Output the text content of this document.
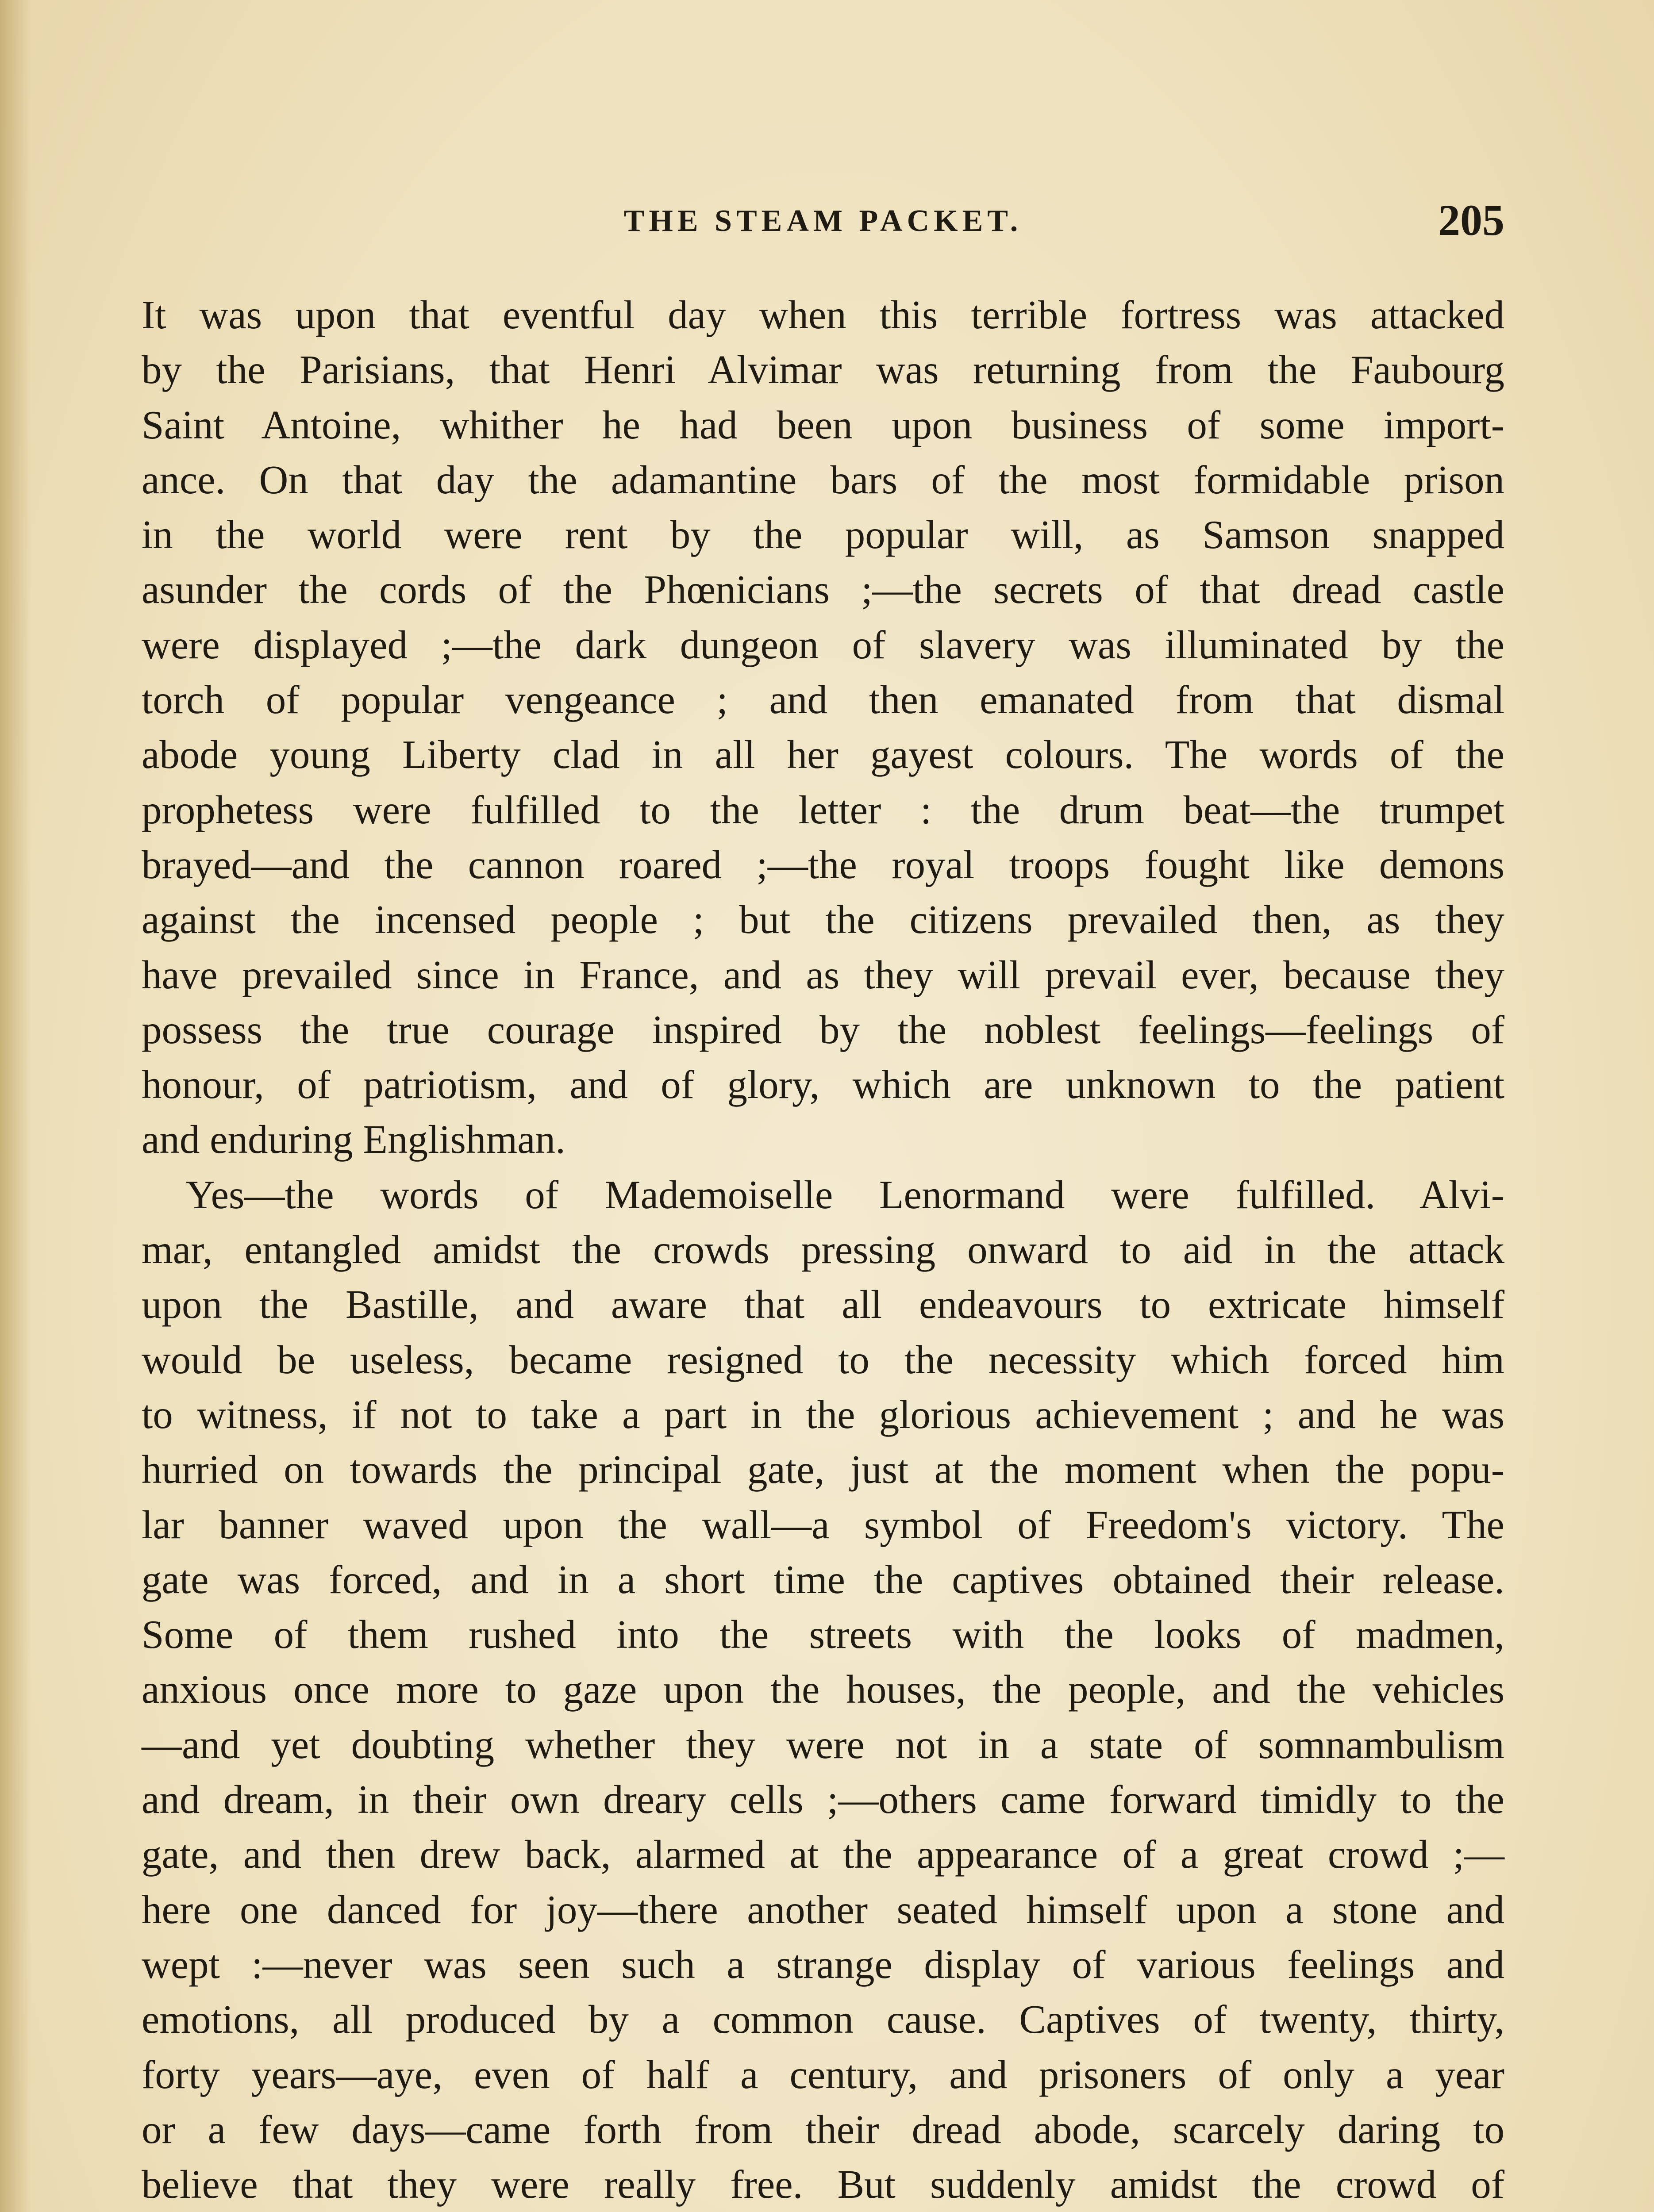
THE STEAM PACKET.	205
It was upon that eventful day when this terrible fortress was attacked
by the Parisians, that Henri Alvimar was returning from the Faubourg
Saint Antoine, whither he had been upon business of some import-
ance. On that day the adamantine bars of the most formidable prison
in the world were rent by the popular will, as Samson snapped
asunder the cords of the Phœnicians ;—the secrets of that dread castle
were displayed ;—the dark dungeon of slavery was illuminated by the
torch of popular vengeance ; and then emanated from that dismal
abode young Liberty clad in all her gayest colours. The words of the
prophetess were fulfilled to the letter : the drum beat—the trumpet
brayed—and the cannon roared ;—the royal troops fought like demons
against the incensed people ; but the citizens prevailed then, as they
have prevailed since in France, and as they will prevail ever, because they
possess the true courage inspired by the noblest feelings—feelings of
honour, of patriotism, and of glory, which are unknown to the patient
and enduring Englishman.
Yes—the words of Mademoiselle Lenormand were fulfilled. Alvi-
mar, entangled amidst the crowds pressing onward to aid in the attack
upon the Bastille, and aware that all endeavours to extricate himself
would be useless, became resigned to the necessity which forced him
to witness, if not to take a part in the glorious achievement ; and he was
hurried on towards the principal gate, just at the moment when the popu-
lar banner waved upon the wall—a symbol of Freedom's victory. The
gate was forced, and in a short time the captives obtained their release.
Some of them rushed into the streets with the looks of madmen,
anxious once more to gaze upon the houses, the people, and the vehicles
—and yet doubting whether they were not in a state of somnambulism
and dream, in their own dreary cells ;—others came forward timidly to the
gate, and then drew back, alarmed at the appearance of a great crowd ;—
here one danced for joy—there another seated himself upon a stone and
wept :—never was seen such a strange display of various feelings and
emotions, all produced by a common cause. Captives of twenty, thirty,
forty years—aye, even of half a century, and prisoners of only a year
or a few days—came forth from their dread abode, scarcely daring to
believe that they were really free. But suddenly amidst the crowd of
